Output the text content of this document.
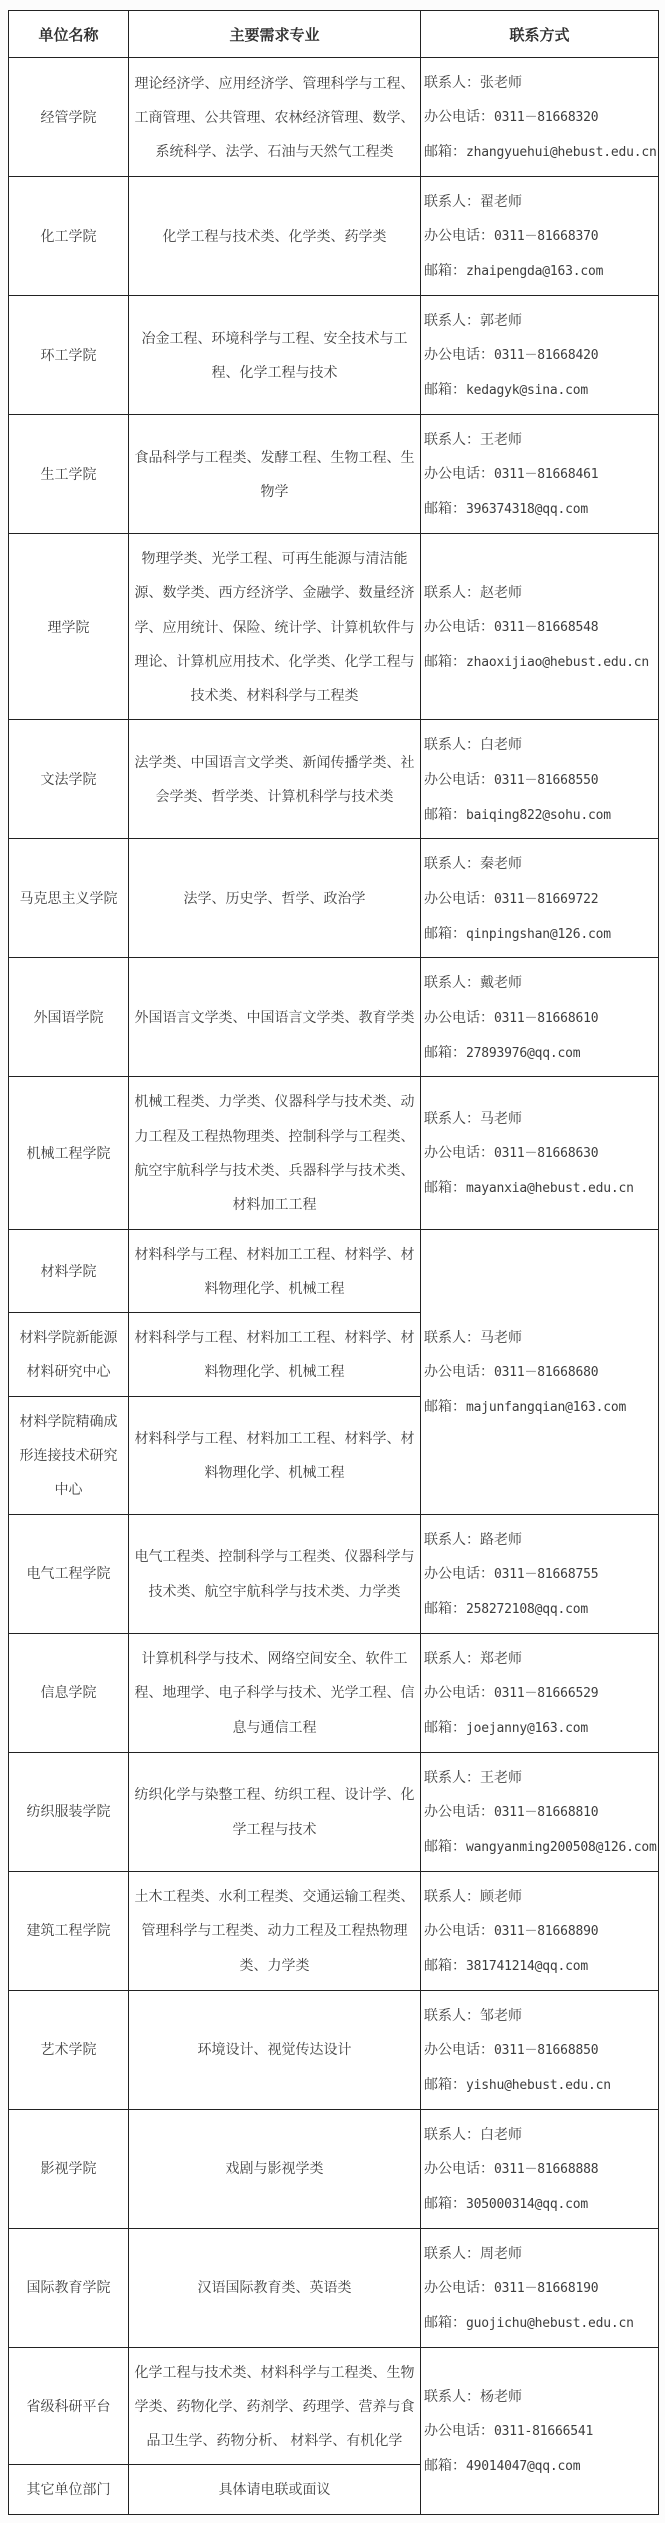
单位名称	主要需求专业	联系方式
经管学院	理论经济学、应用经济学、管理科学与工程、工商管理、公共管理、农林经济管理、数学、系统科学、法学、石油与天然气工程类	联系人：张老师
办公电话：0311－81668320
邮箱：zhangyuehui@hebust.edu.cn

化工学院	化学工程与技术类、化学类、药学类	联系人：翟老师
办公电话：0311－81668370
邮箱：zhaipengda@163.com

环工学院	冶金工程、环境科学与工程、安全技术与工程、化学工程与技术	联系人：郭老师
办公电话：0311－81668420
邮箱：kedagyk@sina.com

生工学院	食品科学与工程类、发酵工程、生物工程、生物学	联系人：王老师
办公电话：0311－81668461
邮箱：396374318@qq.com

理学院	物理学类、光学工程、可再生能源与清洁能源、数学类、西方经济学、金融学、数量经济学、应用统计、保险、统计学、计算机软件与理论、计算机应用技术、化学类、化学工程与技术类、材料科学与工程类	联系人：赵老师
办公电话：0311－81668548
邮箱：zhaoxijiao@hebust.edu.cn

文法学院	法学类、中国语言文学类、新闻传播学类、社会学类、哲学类、计算机科学与技术类	联系人：白老师
办公电话：0311－81668550
邮箱：baiqing822@sohu.com

马克思主义学院	法学、历史学、哲学、政治学	联系人：秦老师
办公电话：0311－81669722
邮箱：qinpingshan@126.com

外国语学院	外国语言文学类、中国语言文学类、教育学类	联系人：戴老师
办公电话：0311－81668610
邮箱：27893976@qq.com

机械工程学院	机械工程类、力学类、仪器科学与技术类、动力工程及工程热物理类、控制科学与工程类、航空宇航科学与技术类、兵器科学与技术类、材料加工工程	联系人：马老师
办公电话：0311－81668630
邮箱：mayanxia@hebust.edu.cn

材料学院	材料科学与工程、材料加工工程、材料学、材料物理化学、机械工程	联系人：马老师
办公电话：0311－81668680
邮箱：majunfangqian@163.com

材料学院新能源材料研究中心	材料科学与工程、材料加工工程、材料学、材料物理化学、机械工程	
材料学院精确成形连接技术研究中心	材料科学与工程、材料加工工程、材料学、材料物理化学、机械工程	
电气工程学院	电气工程类、控制科学与工程类、仪器科学与技术类、航空宇航科学与技术类、力学类	联系人：路老师
办公电话：0311－81668755
邮箱：258272108@qq.com

信息学院	计算机科学与技术、网络空间安全、软件工程、地理学、电子科学与技术、光学工程、信息与通信工程	联系人：郑老师
办公电话：0311－81666529
邮箱：joejanny@163.com

纺织服装学院	纺织化学与染整工程、纺织工程、设计学、化学工程与技术	联系人：王老师
办公电话：0311－81668810
邮箱：wangyanming200508@126.com

建筑工程学院	土木工程类、水利工程类、交通运输工程类、管理科学与工程类、动力工程及工程热物理类、力学类	联系人：顾老师
办公电话：0311－81668890
邮箱：381741214@qq.com

艺术学院	环境设计、视觉传达设计	联系人：邹老师
办公电话：0311－81668850
邮箱：yishu@hebust.edu.cn

影视学院	戏剧与影视学类	联系人：白老师
办公电话：0311－81668888
邮箱：305000314@qq.com

国际教育学院	汉语国际教育类、英语类	联系人：周老师
办公电话：0311－81668190
邮箱：guojichu@hebust.edu.cn

省级科研平台	化学工程与技术类、材料科学与工程类、生物学类、药物化学、药剂学、药理学、营养与食品卫生学、药物分析、 材料学、有机化学	联系人：杨老师
办公电话：0311-81666541
邮箱：49014047@qq.com

其它单位部门	具体请电联或面议	
